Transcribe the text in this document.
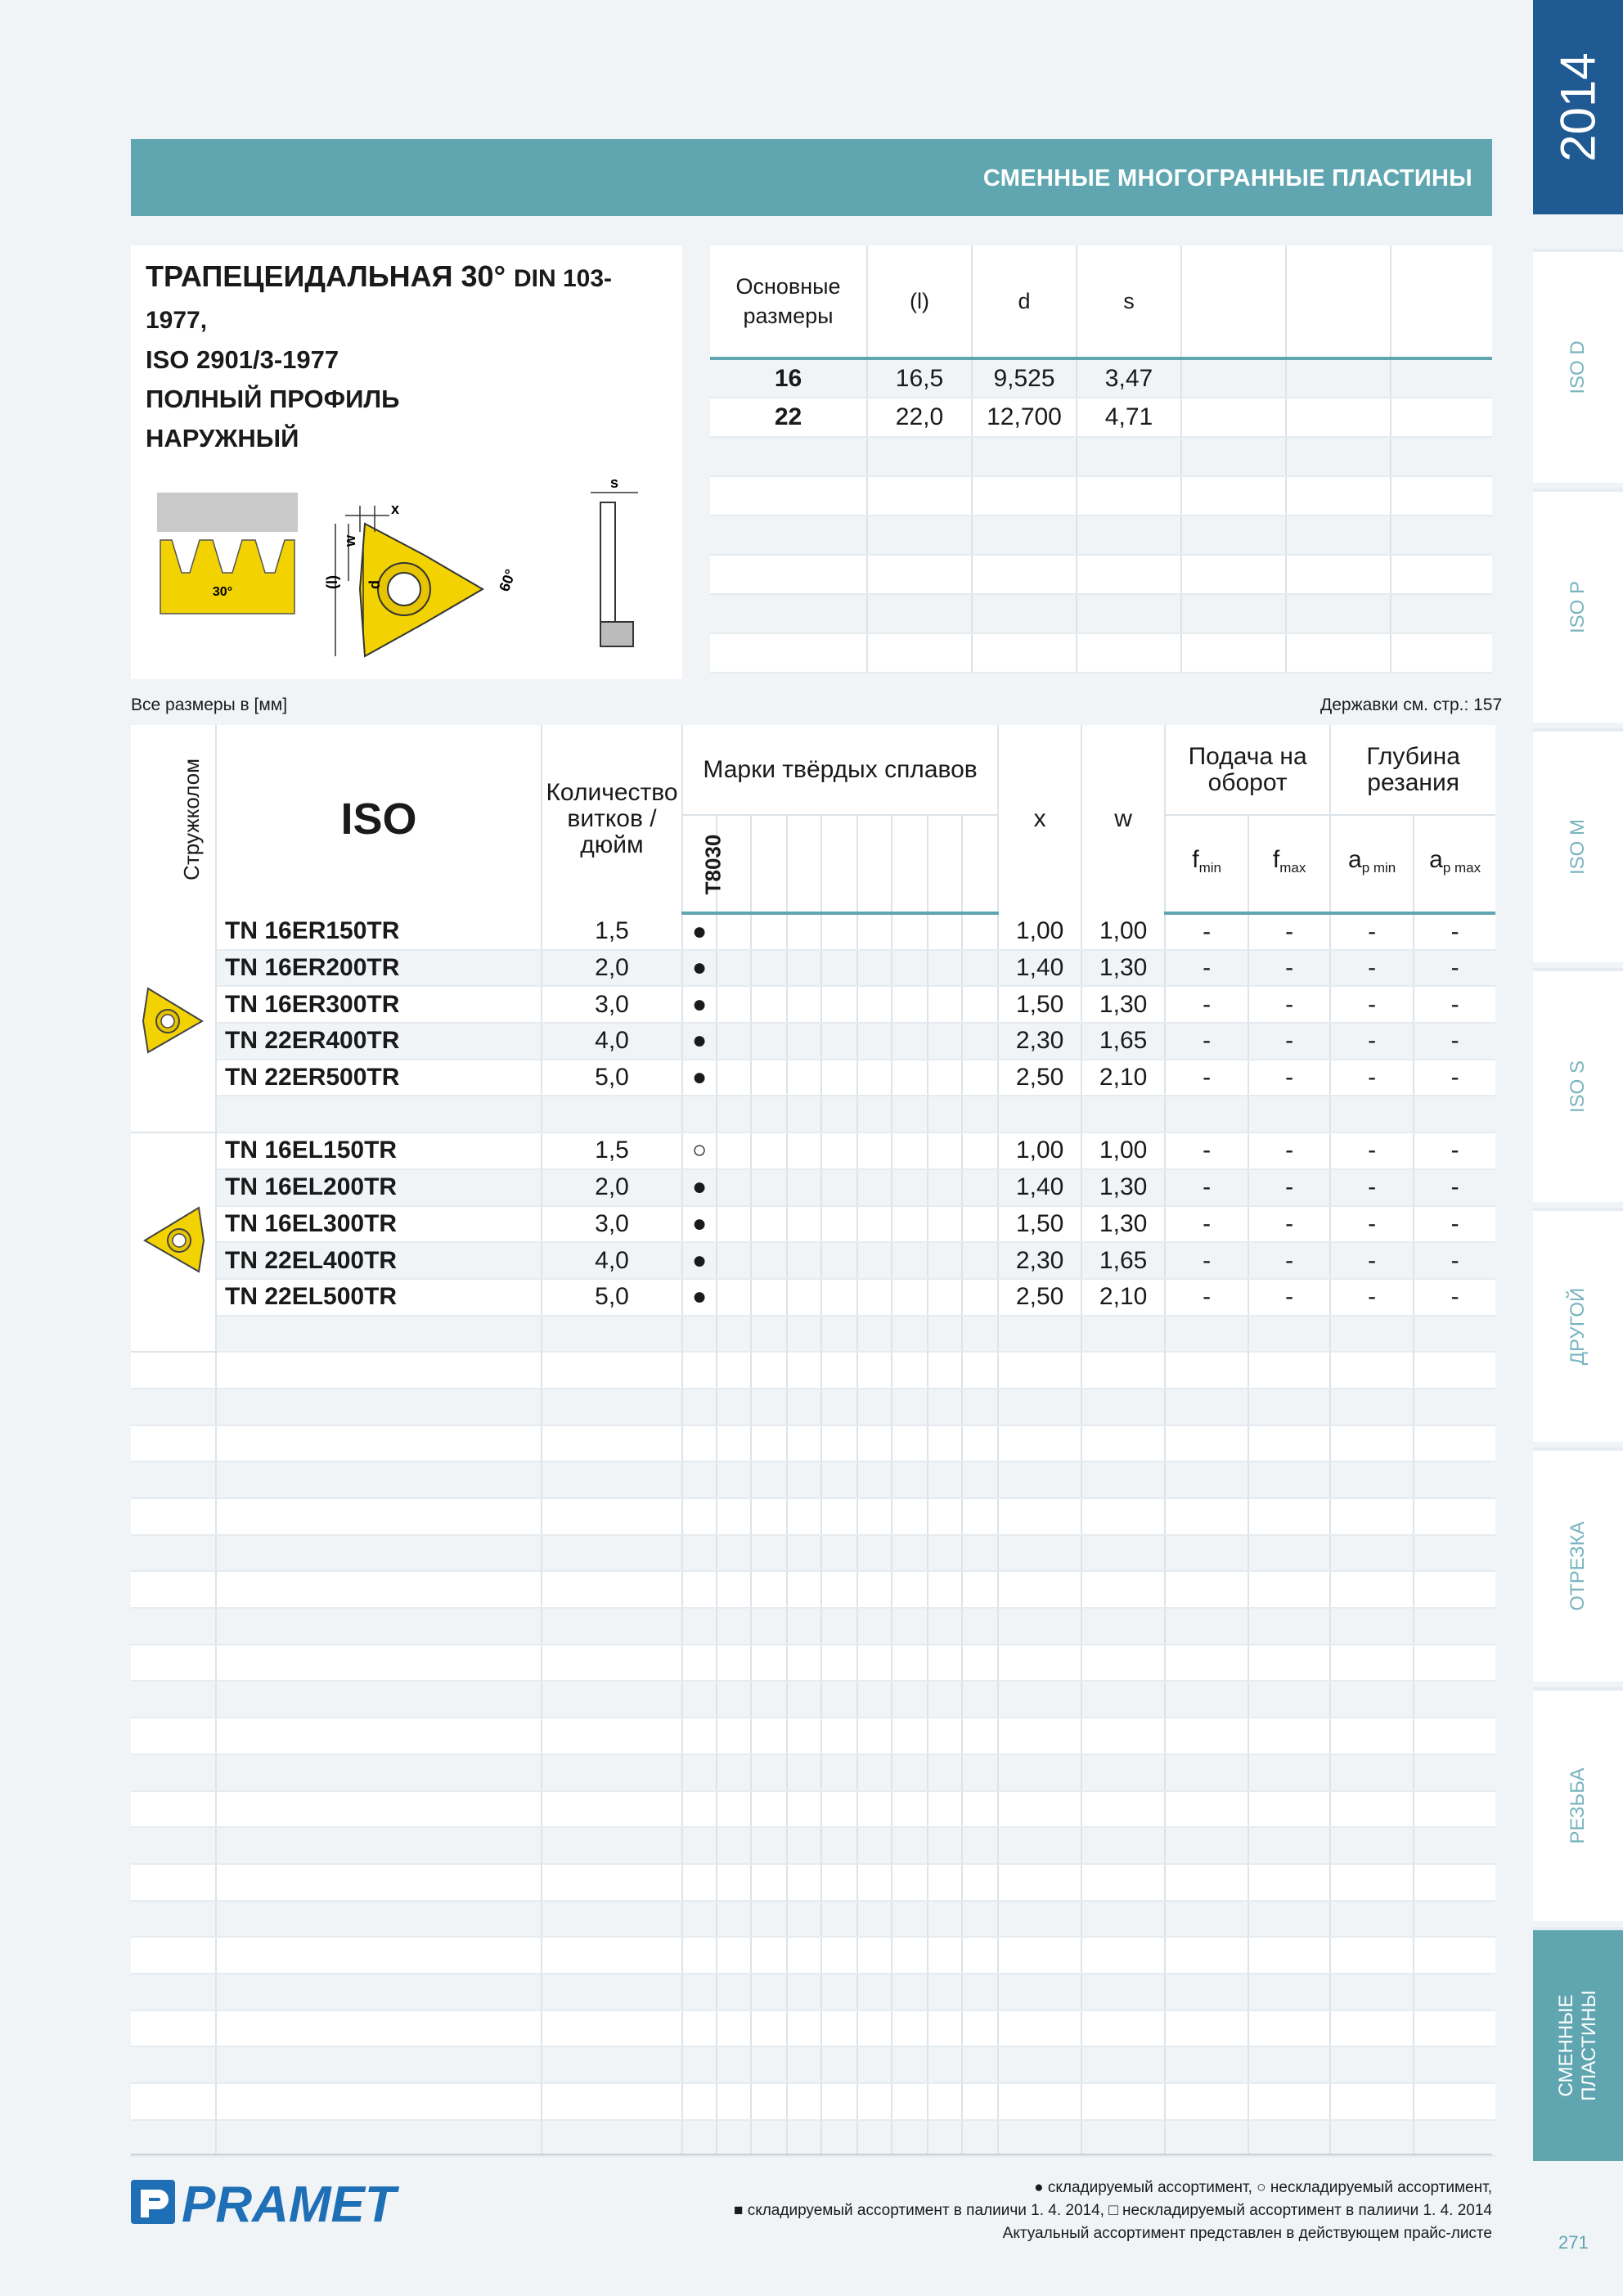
СМЕННЫЕ МНОГОГРАННЫЕ ПЛАСТИНЫ
2014
ISO D
ISO P
ISO M
ISO S
ДРУГОЙ
ОТРЕЗКА
РЕЗЬБА
СМЕННЫЕ ПЛАСТИНЫ
271
ТРАПЕЦЕИДАЛЬНАЯ 30° DIN 103-1977,
ISO 2901/3-1977
ПОЛНЫЙ ПРОФИЛЬ
НАРУЖНЫЙ
30°
x
w
(l) d	60°
s
Основные размеры	(l)	d	s			
16	16,5	9,525	3,47			
22	22,0	12,700	4,71			

Все размеры в [мм]	Державки см. стр.: 157
Стружколом	ISO	Количество витков / дюйм	Марки твёрдых сплавов									x	w	Подача на оборот		Глубина резания	
			T8030											$f_{min}$	$f_{max}$	$a_{p min}$	$a_{p max}$
	TN 16ER150TR	1,5	●									1,00	1,00	-	-	-	-
	TN 16ER200TR	2,0	●									1,40	1,30	-	-	-	-
	TN 16ER300TR	3,0	●									1,50	1,30	-	-	-	-
	TN 22ER400TR	4,0	●									2,30	1,65	-	-	-	-
	TN 22ER500TR	5,0	●									2,50	2,10	-	-	-	-

	TN 16EL150TR	1,5	○									1,00	1,00	-	-	-	-
	TN 16EL200TR	2,0	●									1,40	1,30	-	-	-	-
	TN 16EL300TR	3,0	●									1,50	1,30	-	-	-	-
	TN 22EL400TR	4,0	●									2,30	1,65	-	-	-	-
	TN 22EL500TR	5,0	●									2,50	2,10	-	-	-	-

PRAMET	● складируемый ассортимент, ○ нескладируемый ассортимент,
■ складируемый ассортимент в палиичи 1. 4. 2014, □ нескладируемый ассортимент в палиичи 1. 4. 2014
Актуальный ассортимент представлен в действующем прайс-листе
